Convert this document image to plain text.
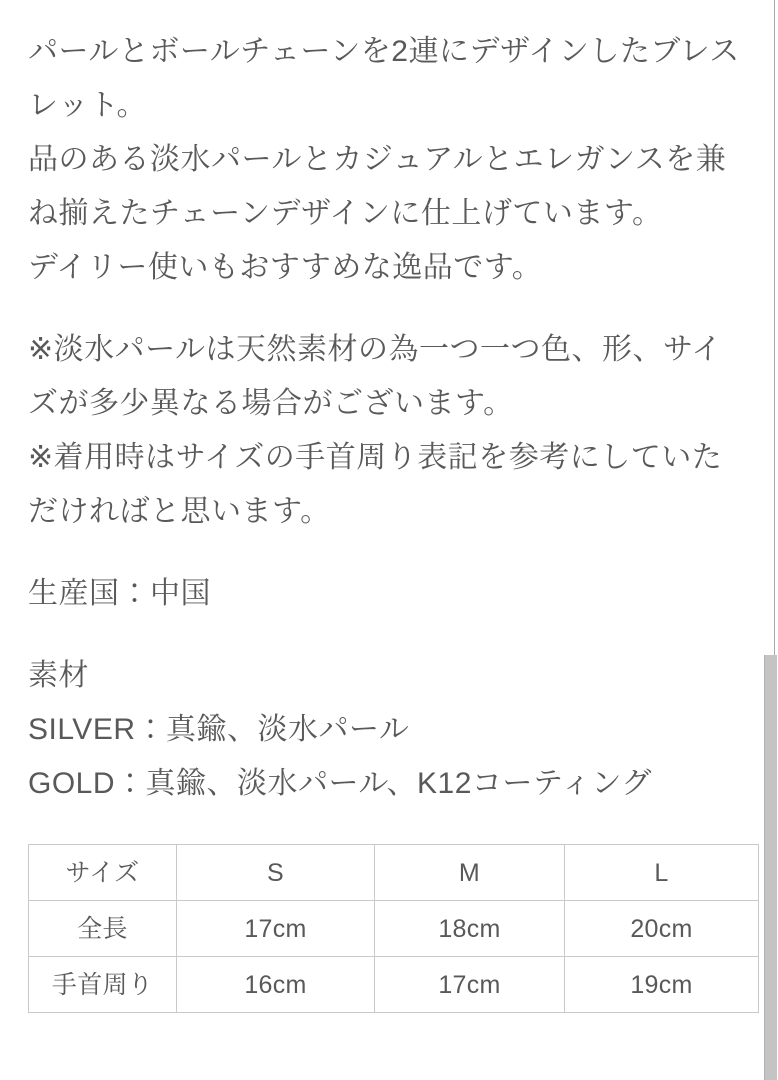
パールとボールチェーンを2連にデザインしたブレスレット。
品のある淡水パールとカジュアルとエレガンスを兼ね揃えたチェーンデザインに仕上げています。
デイリー使いもおすすめな逸品です。
※淡水パールは天然素材の為一つ一つ色、形、サイズが多少異なる場合がございます。
※着用時はサイズの手首周り表記を参考にしていただければと思います。
生産国：中国
素材
SILVER：真鍮、淡水パール
GOLD：真鍮、淡水パール、K12コーティング
サイズ	S	M	L
全長	17cm	18cm	20cm
手首周り	16cm	17cm	19cm
